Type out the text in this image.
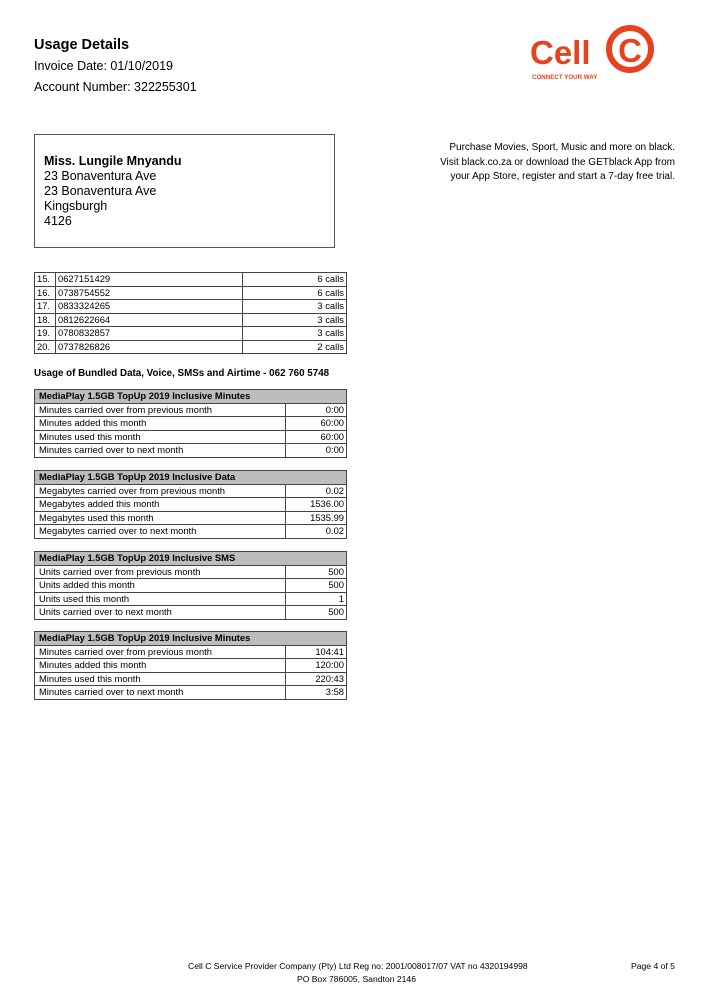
Usage Details
Invoice Date: 01/10/2019
Account Number: 322255301
Cell C
CONNECT YOUR WAY
Miss. Lungile Mnyandu
23 Bonaventura Ave
23 Bonaventura Ave
Kingsburgh
4126
Purchase Movies, Sport, Music and more on black.
Visit black.co.za or download the GETblack App from
your App Store, register and start a 7-day free trial.
15.	0627151429	6 calls
16.	0738754552	6 calls
17.	0833324265	3 calls
18.	0812622664	3 calls
19.	0780832857	3 calls
20.	0737826826	2 calls
Usage of Bundled Data, Voice, SMSs and Airtime - 062 760 5748
MediaPlay 1.5GB TopUp 2019 Inclusive Minutes	
Minutes carried over from previous month	0:00
Minutes added this month	60:00
Minutes used this month	60:00
Minutes carried over to next month	0:00
MediaPlay 1.5GB TopUp 2019 Inclusive Data	
Megabytes carried over from previous month	0.02
Megabytes added this month	1536.00
Megabytes used this month	1535.99
Megabytes carried over to next month	0.02
MediaPlay 1.5GB TopUp 2019 Inclusive SMS	
Units carried over from previous month	500
Units added this month	500
Units used this month	1
Units carried over to next month	500
MediaPlay 1.5GB TopUp 2019 Inclusive Minutes	
Minutes carried over from previous month	104:41
Minutes added this month	120:00
Minutes used this month	220:43
Minutes carried over to next month	3:58
Cell C Service Provider Company (Pty) Ltd Reg no: 2001/008017/07 VAT no 4320194998
PO Box 786005, Sandton 2146
Page 4 of 5
